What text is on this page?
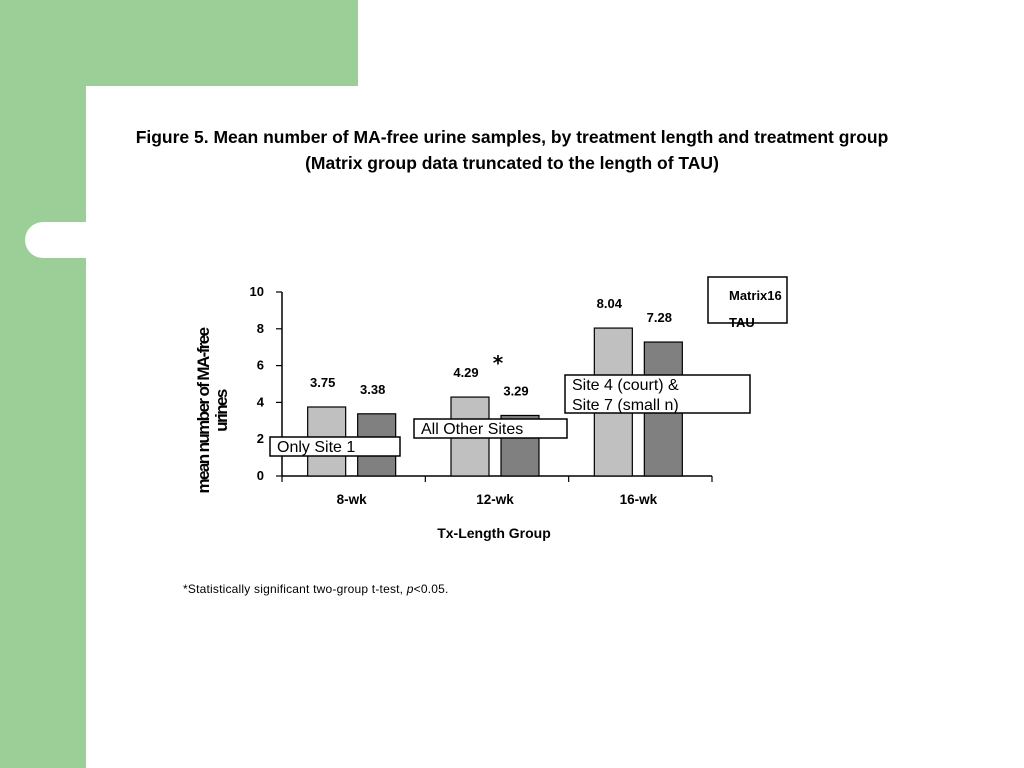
Figure 5. Mean number of MA-free urine samples, by treatment length and treatment group
(Matrix group data truncated to the length of TAU)
0
2
4
6
8
10
8-wk	12-wk	16-wk
Tx-Length Group
mean number of MA-free urines
Only Site 1
All Other Sites
Site 4 (court) &
Site 7 (small n)
3.75
4.29
8.04
3.38	3.29
7.28
*
Matrix16
TAU
*Statistically significant two-group t-test, p<0.05.
